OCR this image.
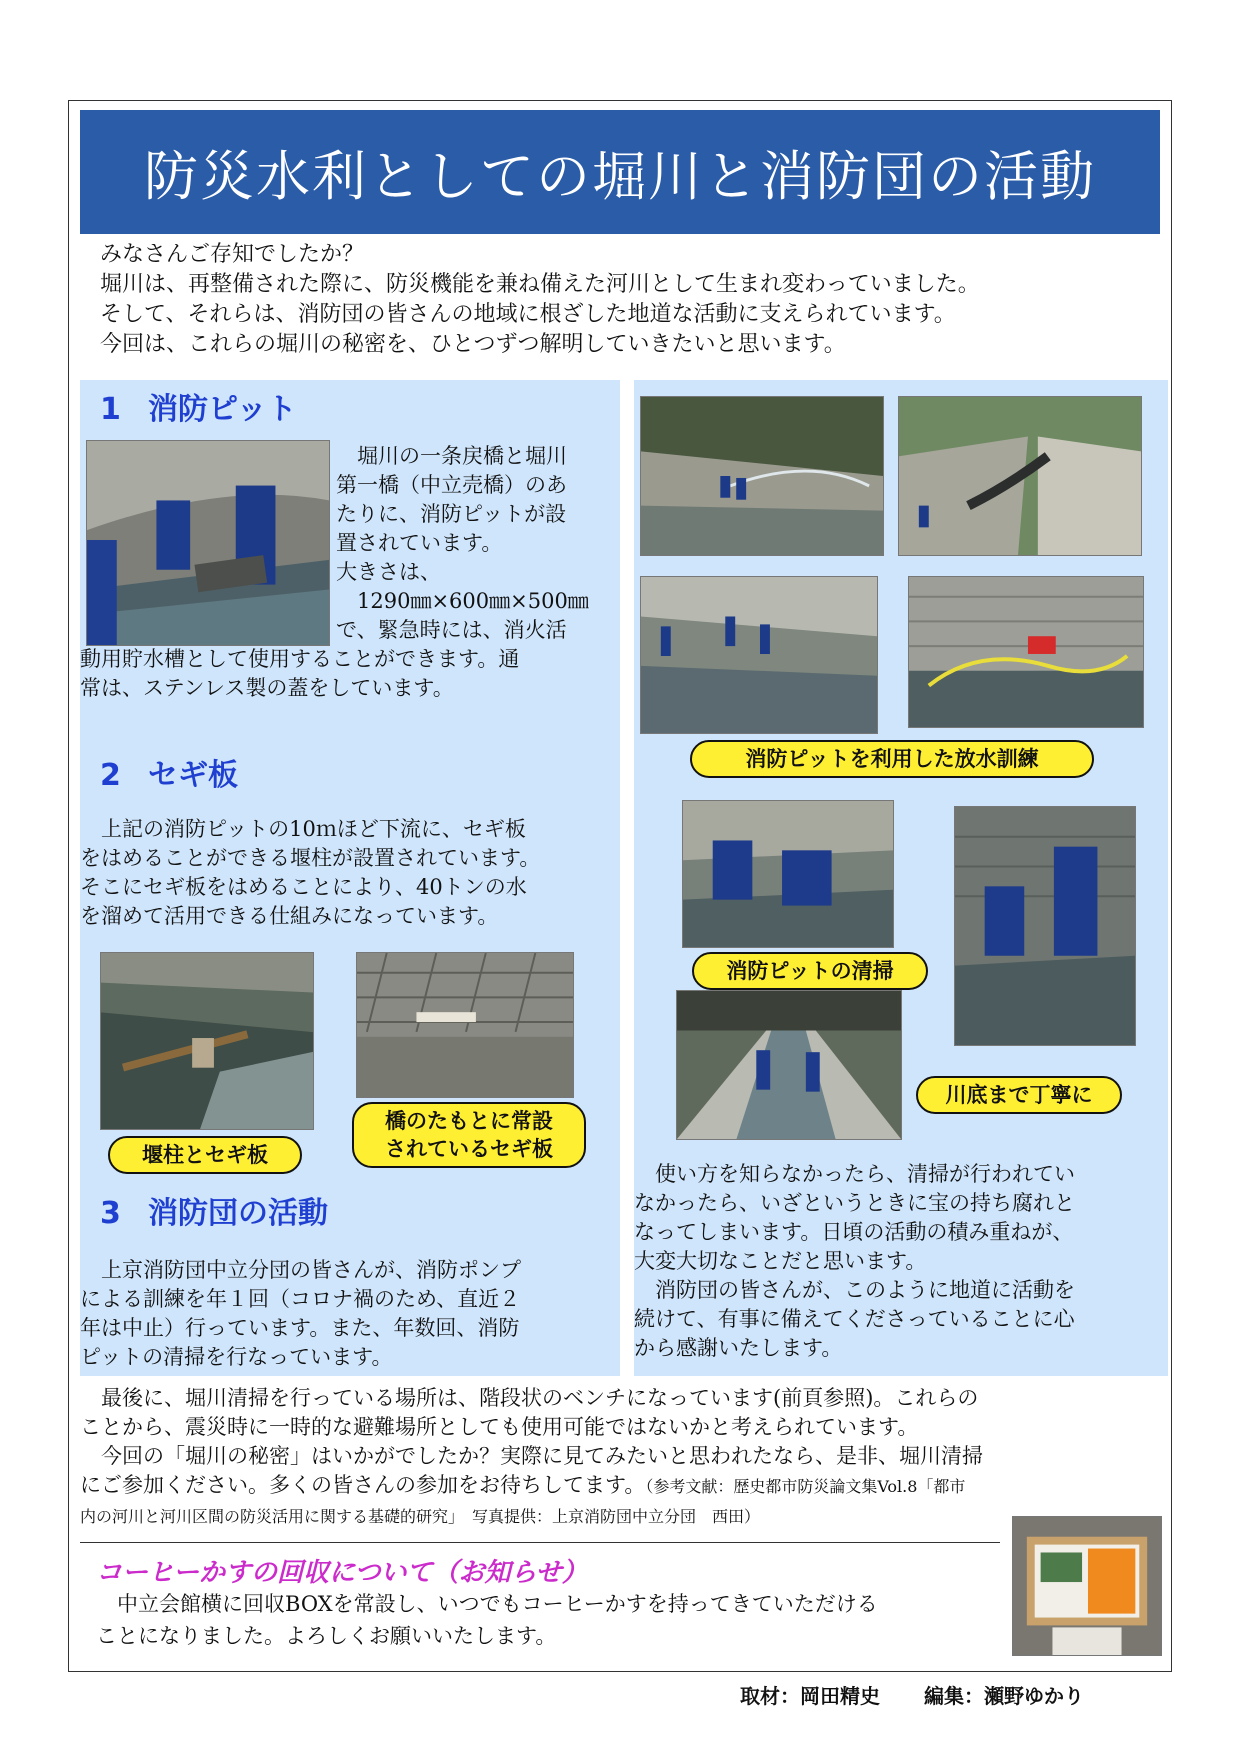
防災水利としての堀川と消防団の活動
みなさんご存知でしたか？
堀川は、再整備された際に、防災機能を兼ね備えた河川として生まれ変わっていました。
そして、それらは、消防団の皆さんの地域に根ざした地道な活動に支えられています。
今回は、これらの堀川の秘密を、ひとつずつ解明していきたいと思います。
1 消防ピット
　堀川の一条戻橋と堀川
第一橋（中立売橋）のあ
たりに、消防ピットが設
置されています。
大きさは、
　1290㎜×600㎜×500㎜
で、緊急時には、消火活
動用貯水槽として使用することができます。通
常は、ステンレス製の蓋をしています。
2 セギ板
　上記の消防ピットの10ｍほど下流に、セギ板
をはめることができる堰柱が設置されています。
そこにセギ板をはめることにより、40トンの水
を溜めて活用できる仕組みになっています。
堰柱とセギ板
橋のたもとに常設
されているセギ板
3 消防団の活動
　上京消防団中立分団の皆さんが、消防ポンプ
による訓練を年１回（コロナ禍のため、直近２
年は中止）行っています。また、年数回、消防
ピットの清掃を行なっています。
消防ピットを利用した放水訓練
消防ピットの清掃
川底まで丁寧に
　使い方を知らなかったら、清掃が行われてい
なかったら、いざというときに宝の持ち腐れと
なってしまいます。日頃の活動の積み重ねが、
大変大切なことだと思います。
　消防団の皆さんが、このように地道に活動を
続けて、有事に備えてくださっていることに心
から感謝いたします。
　最後に、堀川清掃を行っている場所は、階段状のベンチになっています(前頁参照)。これらの
ことから、震災時に一時的な避難場所としても使用可能ではないかと考えられています。
　今回の「堀川の秘密」はいかがでしたか？実際に見てみたいと思われたなら、是非、堀川清掃
にご参加ください。多くの皆さんの参加をお待ちしてます。（参考文献：歴史都市防災論文集Vol.8「都市
内の河川と河川区間の防災活用に関する基礎的研究」　写真提供：上京消防団中立分団　西田）
コーヒーかすの回収について（お知らせ）
　中立会館横に回収BOXを常設し、いつでもコーヒーかすを持ってきていただける
ことになりました。よろしくお願いいたします。
取材：岡田精史 編集：瀬野ゆかり
